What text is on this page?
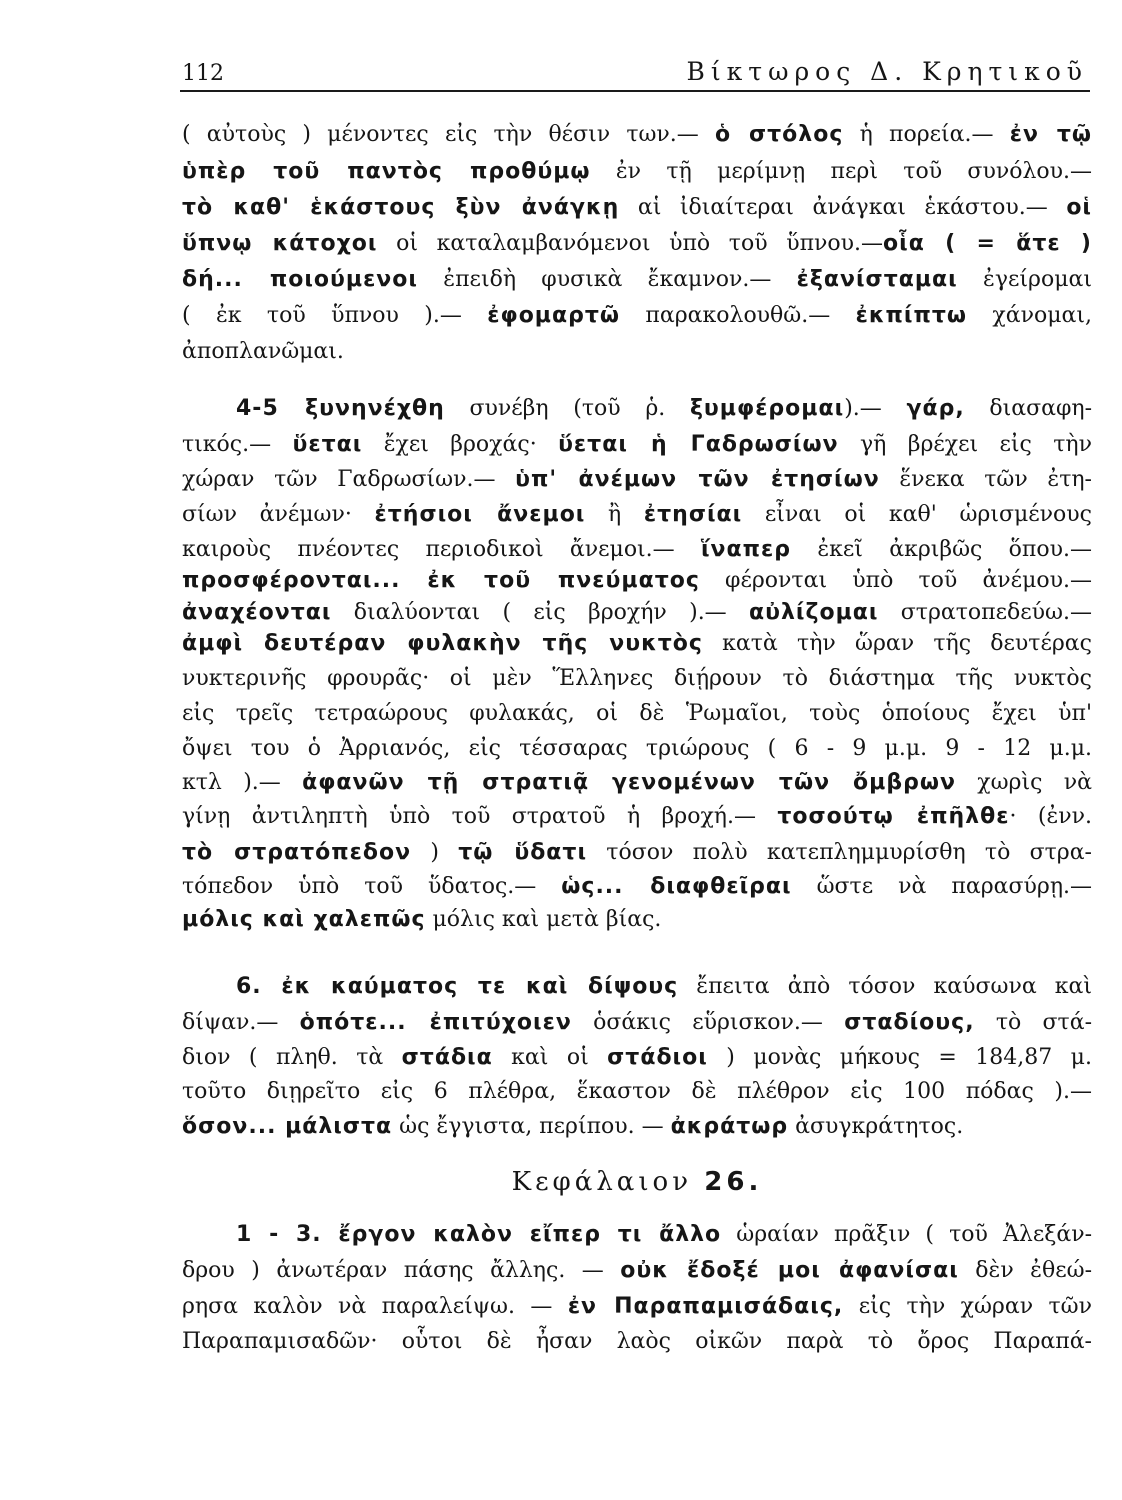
112	Βίκτωρος Δ. Κρητικοῦ
( αὐτοὺς ) μένοντες εἰς τὴν θέσιν των.— ὁ στόλος ἡ πορεία.— ἐν τῷ
ὑπὲρ τοῦ παντὸς προθύμῳ ἐν τῇ μερίμνῃ περὶ τοῦ συνόλου.—
τὸ καθ' ἑκάστους ξὺν ἀνάγκῃ αἱ ἰδιαίτεραι ἀνάγκαι ἑκάστου.— οἱ
ὕπνῳ κάτοχοι οἱ καταλαμβανόμενοι ὑπὸ τοῦ ὕπνου.—οἷα ( = ἅτε )
δή... ποιούμενοι ἐπειδὴ φυσικὰ ἔκαμνον.— ἐξανίσταμαι ἐγείρομαι
( ἐκ τοῦ ὕπνου ).— ἐφομαρτῶ παρακολουθῶ.— ἐκπίπτω χάνομαι,
ἀποπλανῶμαι.
4-5 ξυνηνέχθη συνέβη (τοῦ ῥ. ξυμφέρομαι).— γάρ, διασαφη-
τικός.— ὕεται ἔχει βροχάς· ὕεται ἡ Γαδρωσίων γῆ βρέχει εἰς τὴν
χώραν τῶν Γαδρωσίων.— ὑπ' ἀνέμων τῶν ἐτησίων ἕνεκα τῶν ἐτη-
σίων ἀνέμων· ἐτήσιοι ἄνεμοι ἢ ἐτησίαι εἶναι οἱ καθ' ὡρισμένους
καιροὺς πνέοντες περιοδικοὶ ἄνεμοι.— ἵναπερ ἐκεῖ ἀκριβῶς ὅπου.—
προσφέρονται... ἐκ τοῦ πνεύματος φέρονται ὑπὸ τοῦ ἀνέμου.—
ἀναχέονται διαλύονται ( εἰς βροχήν ).— αὐλίζομαι στρατοπεδεύω.—
ἀμφὶ δευτέραν φυλακὴν τῆς νυκτὸς κατὰ τὴν ὥραν τῆς δευτέρας
νυκτερινῆς φρουρᾶς· οἱ μὲν Ἕλληνες διῄρουν τὸ διάστημα τῆς νυκτὸς
εἰς τρεῖς τετραώρους φυλακάς, οἱ δὲ Ῥωμαῖοι, τοὺς ὁποίους ἔχει ὑπ'
ὄψει του ὁ Ἀρριανός, εἰς τέσσαρας τριώρους ( 6 - 9 μ.μ. 9 - 12 μ.μ.
κτλ ).— ἀφανῶν τῇ στρατιᾷ γενομένων τῶν ὄμβρων χωρὶς νὰ
γίνῃ ἀντιληπτὴ ὑπὸ τοῦ στρατοῦ ἡ βροχή.— τοσούτῳ ἐπῆλθε· (ἐνν.
τὸ στρατόπεδον ) τῷ ὕδατι τόσον πολὺ κατεπλημμυρίσθη τὸ στρα-
τόπεδον ὑπὸ τοῦ ὕδατος.— ὡς... διαφθεῖραι ὥστε νὰ παρασύρῃ.—
μόλις καὶ χαλεπῶς μόλις καὶ μετὰ βίας.
6. ἐκ καύματος τε καὶ δίψους ἔπειτα ἀπὸ τόσον καύσωνα καὶ
δίψαν.— ὁπότε... ἐπιτύχοιεν ὁσάκις εὕρισκον.— σταδίους, τὸ στά-
διον ( πληθ. τὰ στάδια καὶ οἱ στάδιοι ) μονὰς μήκους = 184,87 μ.
τοῦτο διῃρεῖτο εἰς 6 πλέθρα, ἕκαστον δὲ πλέθρον εἰς 100 πόδας ).—
ὅσον... μάλιστα ὡς ἔγγιστα, περίπου. — ἀκράτωρ ἀσυγκράτητος.
Κεφάλαιον 26.
1 - 3. ἔργον καλὸν εἴπερ τι ἄλλο ὡραίαν πρᾶξιν ( τοῦ Ἀλεξάν-
δρου ) ἀνωτέραν πάσης ἄλλης. — οὐκ ἔδοξέ μοι ἀφανίσαι δὲν ἐθεώ-
ρησα καλὸν νὰ παραλείψω. — ἐν Παραπαμισάδαις, εἰς τὴν χώραν τῶν
Παραπαμισαδῶν· οὗτοι δὲ ἦσαν λαὸς οἰκῶν παρὰ τὸ ὄρος Παραπά-
